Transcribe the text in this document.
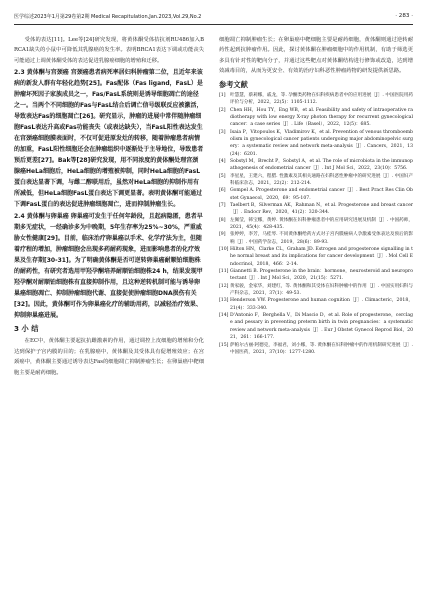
医学综述2023年1月第29卷第2期 Medical Recapitulation,Jan.2023,Vol.29,No.2	· 283 ·

受体的表达[11]。Lee等[24]研究发现，将黄体酮受体拮抗剂RU486加入BRCA1缺失的小鼠中可降低其乳腺癌的发生率。表明BRCA1表达下调或功能丧失可能通过上调黄体酮受体的表达促进乳腺癌细胞的增殖和迁移。

2.3 黄体酮与宫颈癌 宫颈癌患者病死率居妇科肿瘤第二位，且近年来该病的新发人群有年轻化趋势[25]。Fas配体（Fas ligand，FasL）是肿瘤坏死因子家族成员之一，Fas/FasL系统则是诱导细胞凋亡的途径之一。当两个不同细胞的Fas与FasL结合后调亡信号级联反应被激活，导致表达Fas的细胞凋亡[26]。研究显示，肿瘤的进展中常伴随肿瘤细胞FasL表达升高或Fas功能丧失（或表达缺失），当FasL阳性表达发生在宫颈癌细胞膜表面时，不仅可促进原发灶的转移，随着肿瘤患者病情的加重，FasL阳性细胞还会在肿瘤组织中逐渐处于主导地位，导致患者预后更差[27]。Bak等[28]研究发现，用不同浓度的黄体酮处理宫颈腺癌HeLa细胞后，HeLa细胞的增殖被抑制，同时HeLa细胞的FasL蛋白表达显著下调，与雌二醇联用后，虽然对HeLa细胞的抑制作用有所减低，但HeLa细胞FasL蛋白表达下调更显著。表明黄体酮可能通过下调FasL蛋白的表达促进肿瘤细胞凋亡，进而抑制肿瘤生长。

2.4 黄体酮与卵巢癌 卵巢癌可发生于任何年龄段，且起病隐匿，患者早期多无症状，一经确诊多为中晚期，5年生存率为25%~30%，严重威胁女性健康[29]。目前，临床治疗卵巢癌以手术、化学疗法为主，但随着疗程的增加，肿瘤细胞会出现多药耐药现象，进而影响患者的化疗效果及生存期[30-31]。为了明确黄体酮是否可逆转卵巢癌耐顺铂细胞株的耐药性，有研究者选用甲羟孕酮培养耐顺铂细胞株24 h，结果发现甲羟孕酮对耐顺铂细胞株有直接抑制作用，且这种逆转机制可能与诱导卵巢癌细胞凋亡、抑制肿瘤细胞代谢、直接促使肿瘤细胞DNA损伤有关[32]。因此，黄体酮可作为卵巢癌化疗的辅助用药，以减轻治疗效果、抑制卵巢癌进展。

3 小 结

在EC中，黄体酮主要起抗抗雌激素的作用，通过调控上皮细胞的增殖和分化达到保护子宫内膜的目的；在乳腺癌中，黄体酮及其受体具有促增殖效应；在宫颈癌中，黄体酮主要通过诱导表达Fas的细胞凋亡抑制肿瘤生长；在卵巢癌中靶细胞主要是耐药细胞。

细胞凋亡抑制肿瘤生长；在卵巢癌中靶细胞主要是耐药细胞，黄体酮则通过逆转耐药性起到抗肿瘤作用。因此，探讨黄体酮在肿瘤细胞中的作用机制，有助于筛选更多具有针对性的靶向分子，并通过这些靶点对黄体酮结构进行修饰或改造，达到增效减毒目的，从而为更安全、有效的治疗妇科恶性肿瘤药物的研发提供新思路。

参考文献

[1] 叶慧慧，蔡莉娜，戚龙，等. 孕酮类药物在妇科疾病患者中的应用进展［J］. 中国医院用药评价与分析，2022，22(5)：1105-1112.
[2] Chen HH，Hou TY，Eng WB，et al. Feasibility and safety of intraoperative radiotherapy with low energy X-ray photon therapy for recurrent gynecological cancer：a case series［J］. Life（Basel），2022，12(5)：685.
[3] Isaia P，Vitopoulos K，Vladimirov K，et al. Prevention of venous thromboembolism in gynecological cancer patients undergoing major abdominopelvic surgery：a systematic review and network meta-analysis［J］. Cancers，2021，13(24)：6201.
[4] Sobstyl M，Brecht P，Sobstyl A，et al. The role of microbiota in the immunopathogenesis of endometrial cancer［J］. Int J Mol Sci，2022，23(10)：5756.
[5] 李星星，王建六，程腊. 性激素及其相关通路在妇科恶性肿瘤中的研究进展［J］. 中国妇产科临床杂志，2021，22(2)：212-214.
[6] Gompel A. Progesterone and endometrial cancer［J］. Best Pract Res Clin Obstet Gynaecol，2020，69：95-107.
[7] Taelbert B，Silverman AK，Rahman N，et al. Progesterone and breast cancer［J］. Endocr Rev，2020，41(2)：320-344.
[8] 左佩莹，韩宝娜，黄婷. 黄体酮在妇科肿瘤患者中的应用研究进展及机制［J］. 中国药师，2021，45(4)：428-435.
[9] 张婷婷，李芳，马桂琴. 不同黄体酮给药方式对子宫内膜癌病人孕激素受体表达及预后的影响［J］. 中国药学杂志，2019，28(6)：89-93.
[10] Hilton HN，Clarke CL，Graham JD. Estrogen and progesterone signalling in the normal breast and its implications for cancer development［J］. Mol Cell Endocrinol，2018，466：2-14.
[11] Giannetti B. Progesterone in the brain：hormone，neurosteroid and neuroprotectant［J］. Int J Mol Sci，2020，21(15)：5271.
[12] 黄家骏，金家华，刘建红，等. 黄体酮和其受体在妇科肿瘤中的作用［J］. 中国实用妇科与产科杂志，2021，37(1)：49-53.
[13] Henderson VW. Progesterone and human cognition［J］. Climacteric，2018，21(4)：333-340.
[14] D'Antonio F，Berghella V，Di Mascio D，et al. Role of progesterone，cerclage and pessary in preventing preterm birth in twin pregnancies：a systematic review and network meta-analysis［J］. Eur J Obstet Gynecol Reprod Biol，2021，261：166-177.
[15] 萨帕尔古丽·阿德克，李福君，刘小娜，等. 黄体酮在妇科肿瘤中的作用机制研究进展［J］. 中国医药，2021，37(10)：1277-1280.
